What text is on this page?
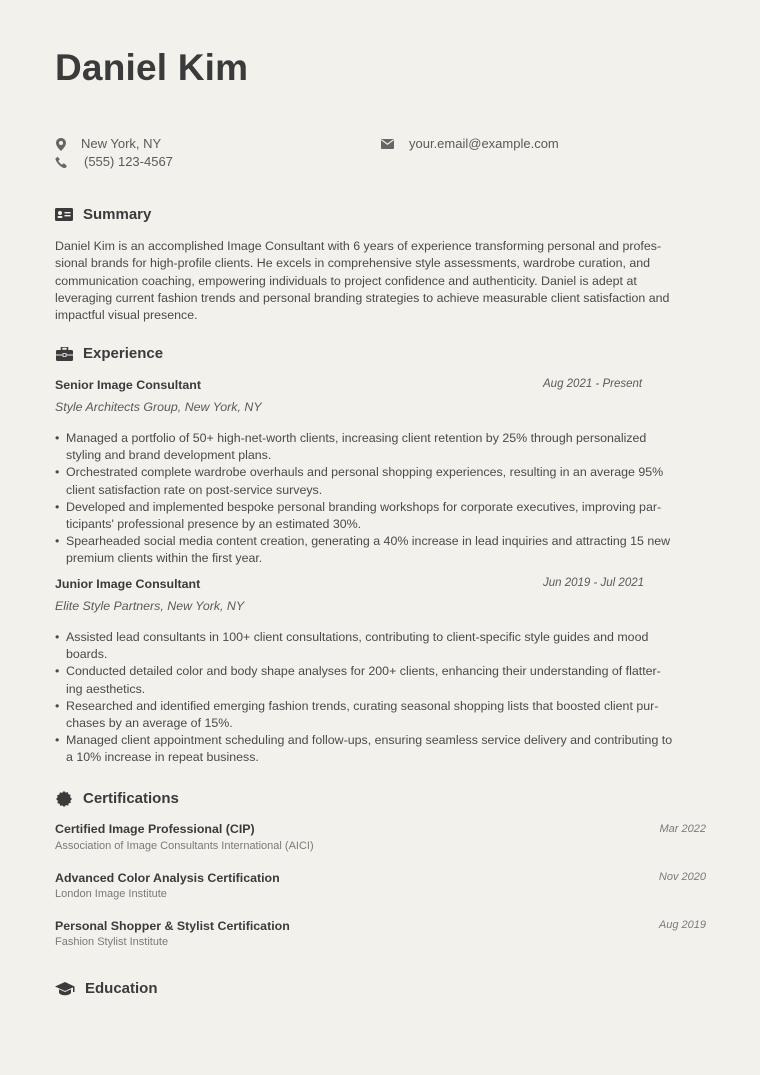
Daniel Kim
New York, NY
(555) 123-4567
your.email@example.com
Summary
Daniel Kim is an accomplished Image Consultant with 6 years of experience transforming personal and profes-
sional brands for high-profile clients. He excels in comprehensive style assessments, wardrobe curation, and
communication coaching, empowering individuals to project confidence and authenticity. Daniel is adept at
leveraging current fashion trends and personal branding strategies to achieve measurable client satisfaction and
impactful visual presence.
Experience
Senior Image Consultant	Aug 2021 - Present
Style Architects Group, New York, NY
• Managed a portfolio of 50+ high-net-worth clients, increasing client retention by 25% through personalized
styling and brand development plans.
• Orchestrated complete wardrobe overhauls and personal shopping experiences, resulting in an average 95%
client satisfaction rate on post-service surveys.
• Developed and implemented bespoke personal branding workshops for corporate executives, improving par-
ticipants' professional presence by an estimated 30%.
• Spearheaded social media content creation, generating a 40% increase in lead inquiries and attracting 15 new
premium clients within the first year.
Junior Image Consultant	Jun 2019 - Jul 2021
Elite Style Partners, New York, NY
• Assisted lead consultants in 100+ client consultations, contributing to client-specific style guides and mood
boards.
• Conducted detailed color and body shape analyses for 200+ clients, enhancing their understanding of flatter-
ing aesthetics.
• Researched and identified emerging fashion trends, curating seasonal shopping lists that boosted client pur-
chases by an average of 15%.
• Managed client appointment scheduling and follow-ups, ensuring seamless service delivery and contributing to
a 10% increase in repeat business.
Certifications
Certified Image Professional (CIP)	Mar 2022
Association of Image Consultants International (AICI)
Advanced Color Analysis Certification	Nov 2020
London Image Institute
Personal Shopper & Stylist Certification	Aug 2019
Fashion Stylist Institute
Education
